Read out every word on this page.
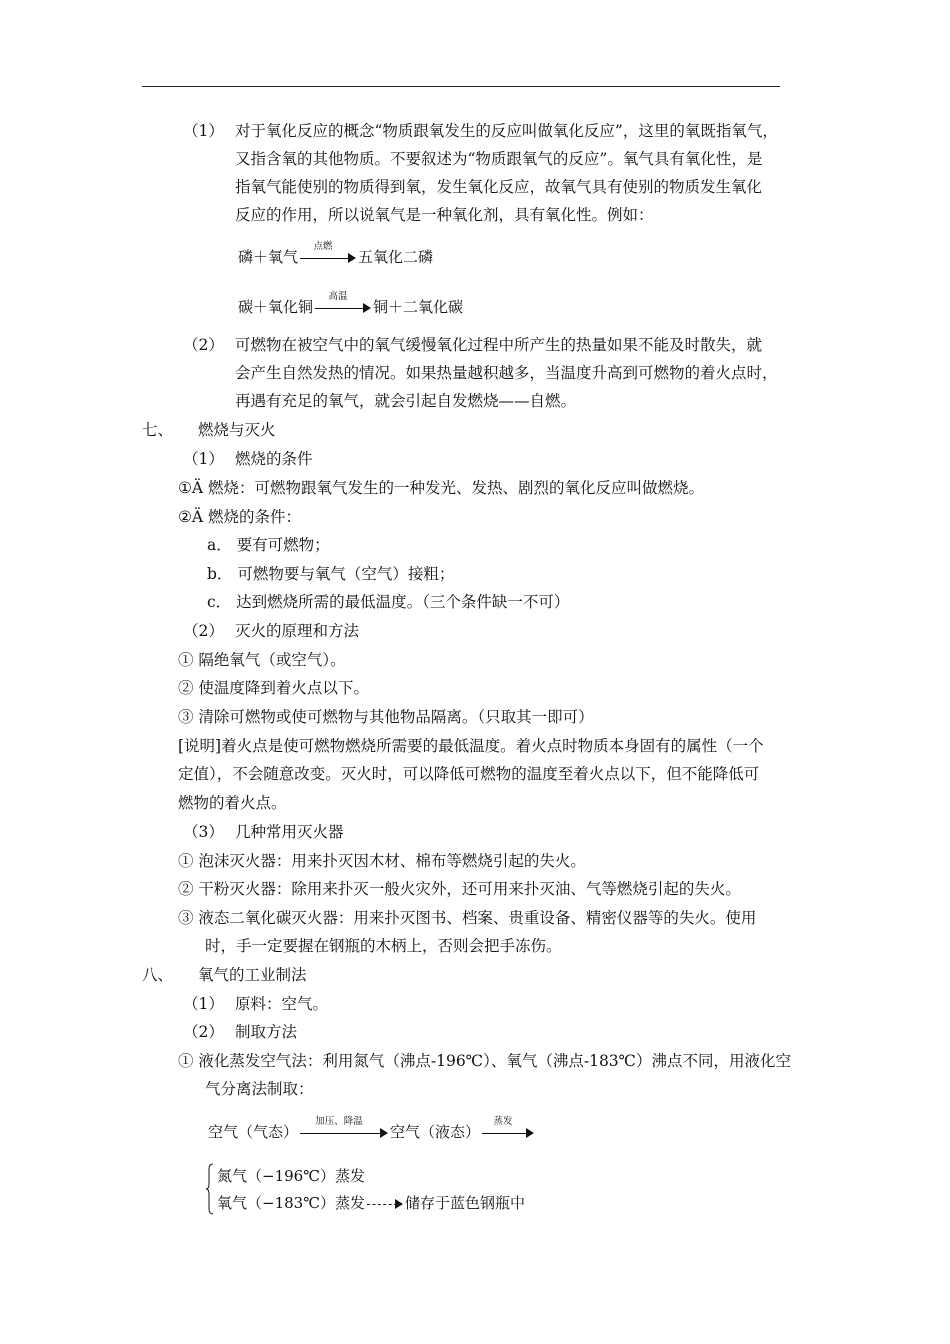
（1） 对于氧化反应的概念“物质跟氧发生的反应叫做氧化反应”，这里的氧既指氧气，
又指含氧的其他物质。不要叙述为“物质跟氧气的反应”。氧气具有氧化性，是
指氧气能使别的物质得到氧，发生氧化反应，故氧气具有使别的物质发生氧化
反应的作用，所以说氧气是一种氧化剂，具有氧化性。例如：
磷＋氧气
点燃
五氧化二磷
碳＋氧化铜
高温
铜＋二氧化碳
（2） 可燃物在被空气中的氧气缓慢氧化过程中所产生的热量如果不能及时散失，就
会产生自然发热的情况。如果热量越积越多，当温度升高到可燃物的着火点时，
再遇有充足的氧气，就会引起自发燃烧——自燃。
七、 燃烧与灭火
（1） 燃烧的条件
①Ä 燃烧：可燃物跟氧气发生的一种发光、发热、剧烈的氧化反应叫做燃烧。
②Ä 燃烧的条件：
a． 要有可燃物；
b． 可燃物要与氧气（空气）接粗；
c． 达到燃烧所需的最低温度。（三个条件缺一不可）
（2） 灭火的原理和方法
① 隔绝氧气（或空气）。
② 使温度降到着火点以下。
③ 清除可燃物或使可燃物与其他物品隔离。（只取其一即可）
[说明]着火点是使可燃物燃烧所需要的最低温度。着火点时物质本身固有的属性（一个
定值），不会随意改变。灭火时，可以降低可燃物的温度至着火点以下，但不能降低可
燃物的着火点。
（3） 几种常用灭火器
① 泡沫灭火器：用来扑灭因木材、棉布等燃烧引起的失火。
② 干粉灭火器：除用来扑灭一般火灾外，还可用来扑灭油、气等燃烧引起的失火。
③ 液态二氧化碳灭火器：用来扑灭图书、档案、贵重设备、精密仪器等的失火。使用
时，手一定要握在钢瓶的木柄上，否则会把手冻伤。
八、 氧气的工业制法
（1） 原料：空气。
（2） 制取方法
① 液化蒸发空气法：利用氮气（沸点-196℃）、氧气（沸点-183℃）沸点不同，用液化空
气分离法制取：
空气（气态）
加压、降温
空气（液态）
蒸发
氮气（−196℃）蒸发
氧气（−183℃）蒸发	储存于蓝色钢瓶中
